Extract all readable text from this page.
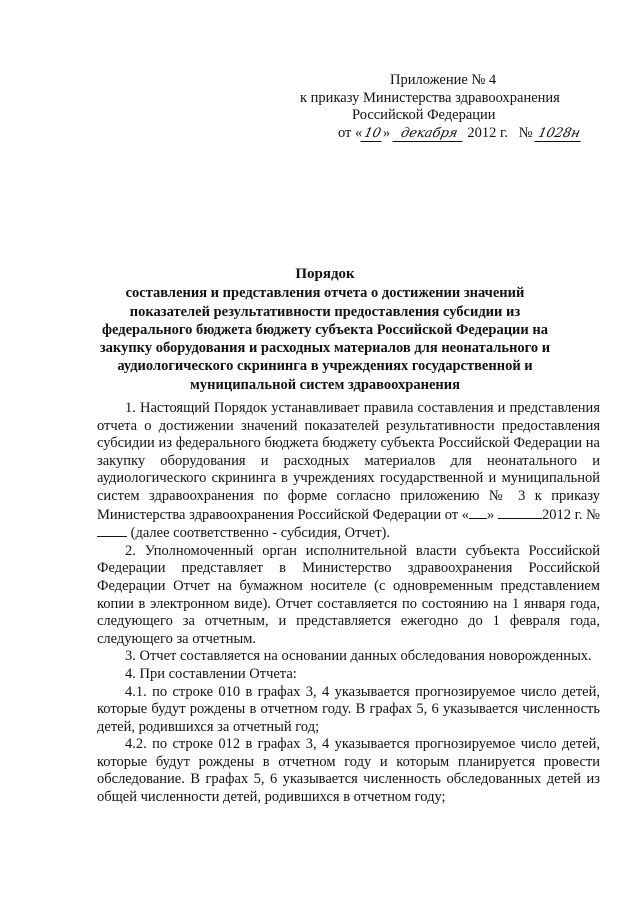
Приложение № 4
к приказу Министерства здравоохранения
Российской Федерации
от «10» декабря 2012 г. № 1028н
Порядок
составления и представления отчета о достижении значений
показателей результативности предоставления субсидии из
федерального бюджета бюджету субъекта Российской Федерации на
закупку оборудования и расходных материалов для неонатального и
аудиологического скрининга в учреждениях государственной и
муниципальной систем здравоохранения

1. Настоящий Порядок устанавливает правила составления и представления отчета о достижении значений показателей результативности предоставления субсидии из федерального бюджета бюджету субъекта Российской Федерации на закупку оборудования и расходных материалов для неонатального и аудиологического скрининга в учреждениях государственной и муниципальной систем здравоохранения по форме согласно приложению № 3 к приказу Министерства здравоохранения Российской Федерации от « »	2012 г. №  (далее соответственно - субсидия, Отчет).

2. Уполномоченный орган исполнительной власти субъекта Российской Федерации представляет в Министерство здравоохранения Российской Федерации Отчет на бумажном носителе (с одновременным представлением копии в электронном виде). Отчет составляется по состоянию на 1 января года, следующего за отчетным, и представляется ежегодно до 1 февраля года, следующего за отчетным.

3. Отчет составляется на основании данных обследования новорожденных.

4. При составлении Отчета:

4.1. по строке 010 в графах 3, 4 указывается прогнозируемое число детей, которые будут рождены в отчетном году. В графах 5, 6 указывается численность детей, родившихся за отчетный год;

4.2. по строке 012 в графах 3, 4 указывается прогнозируемое число детей, которые будут рождены в отчетном году и которым планируется провести обследование. В графах 5, 6 указывается численность обследованных детей из общей численности детей, родившихся в отчетном году;
